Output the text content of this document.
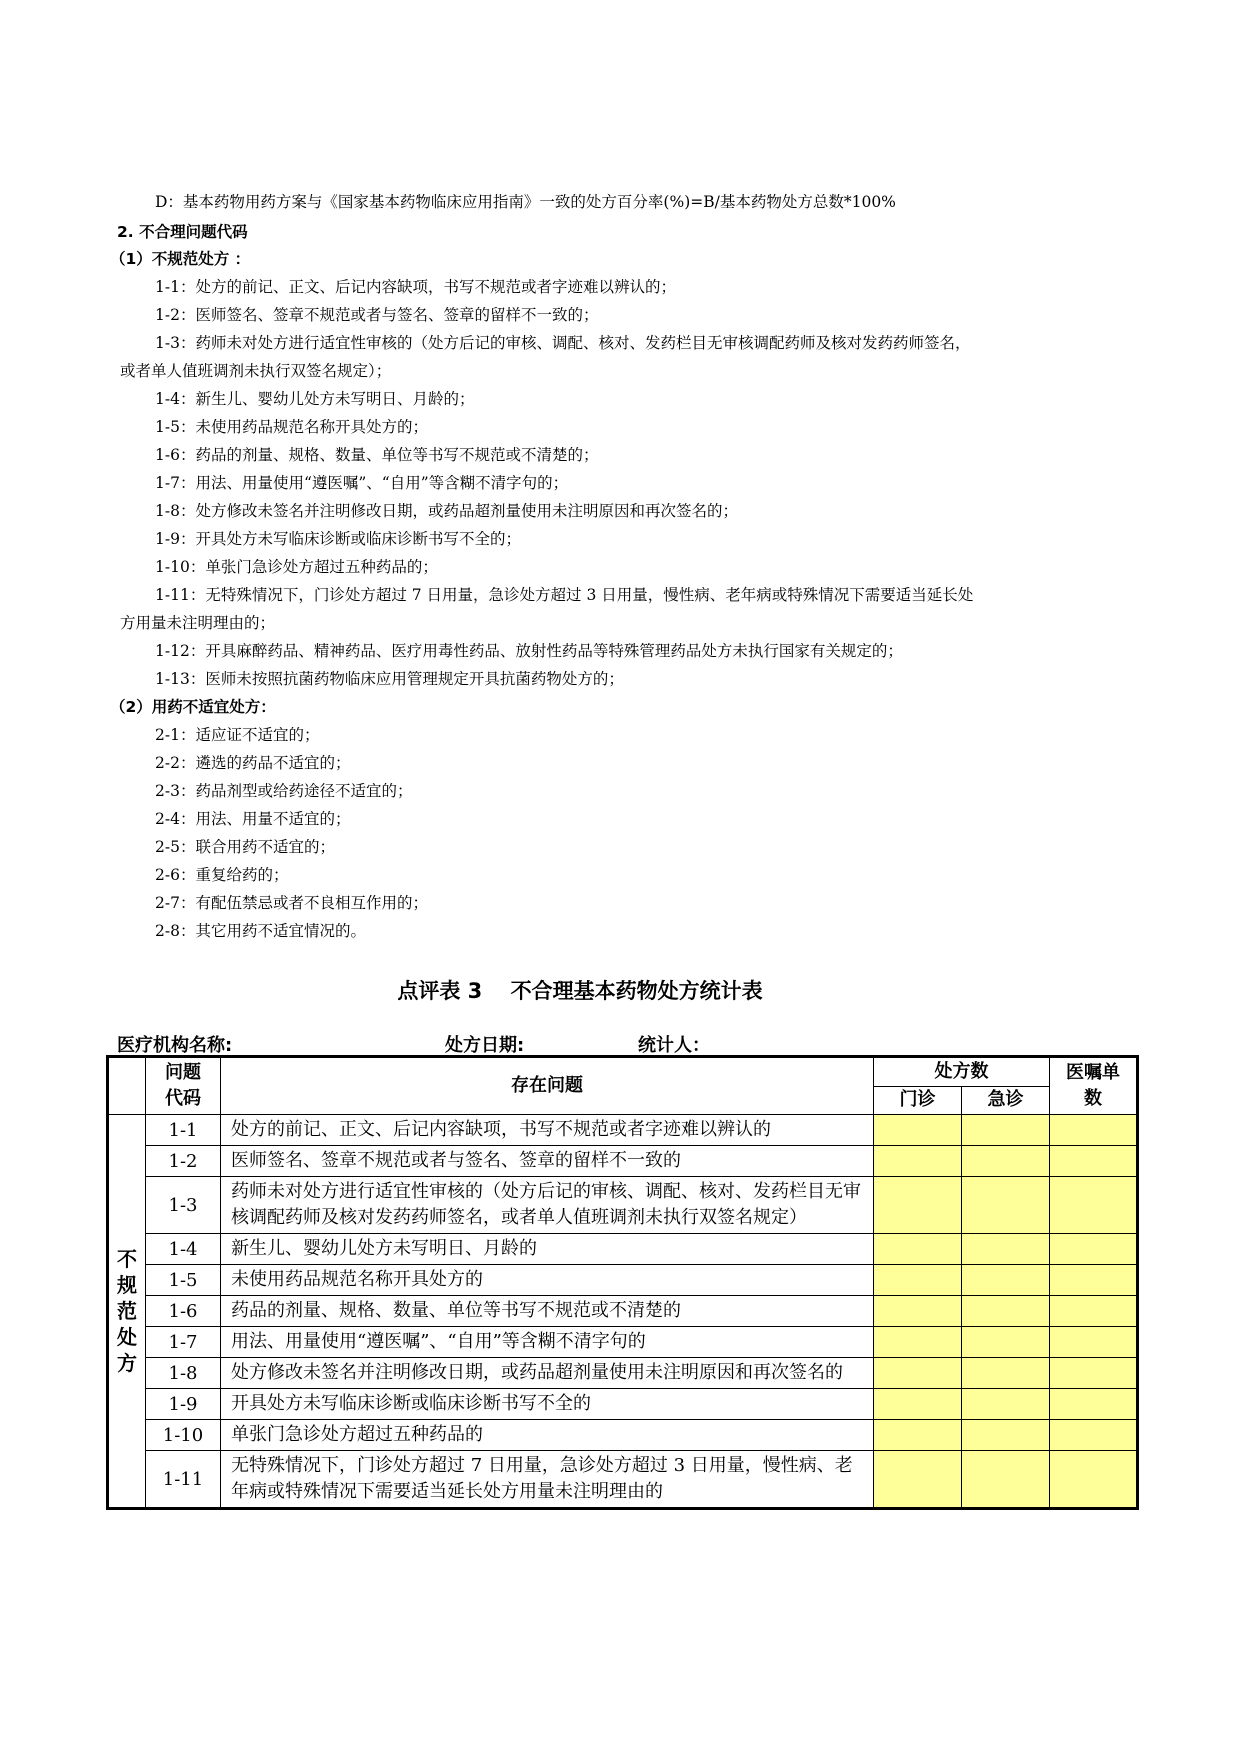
D：基本药物用药方案与《国家基本药物临床应用指南》一致的处方百分率(%)=B/基本药物处方总数*100%
2. 不合理问题代码
（1）不规范处方 ：
1-1：处方的前记、正文、后记内容缺项，书写不规范或者字迹难以辨认的；
1-2：医师签名、签章不规范或者与签名、签章的留样不一致的；
1-3：药师未对处方进行适宜性审核的（处方后记的审核、调配、核对、发药栏目无审核调配药师及核对发药药师签名，
或者单人值班调剂未执行双签名规定）；
1-4：新生儿、婴幼儿处方未写明日、月龄的；
1-5：未使用药品规范名称开具处方的；
1-6：药品的剂量、规格、数量、单位等书写不规范或不清楚的；
1-7：用法、用量使用“遵医嘱”、“自用”等含糊不清字句的；
1-8：处方修改未签名并注明修改日期，或药品超剂量使用未注明原因和再次签名的；
1-9：开具处方未写临床诊断或临床诊断书写不全的；
1-10：单张门急诊处方超过五种药品的；
1-11：无特殊情况下，门诊处方超过 7 日用量，急诊处方超过 3 日用量，慢性病、老年病或特殊情况下需要适当延长处
方用量未注明理由的；
1-12：开具麻醉药品、精神药品、医疗用毒性药品、放射性药品等特殊管理药品处方未执行国家有关规定的；
1-13：医师未按照抗菌药物临床应用管理规定开具抗菌药物处方的；
（2）用药不适宜处方：
2-1：适应证不适宜的；
2-2：遴选的药品不适宜的；
2-3：药品剂型或给药途径不适宜的；
2-4：用法、用量不适宜的；
2-5：联合用药不适宜的；
2-6：重复给药的；
2-7：有配伍禁忌或者不良相互作用的；
2-8：其它用药不适宜情况的。
点评表 3　 不合理基本药物处方统计表
医疗机构名称:	处方日期:	统计人：
	问题代码	存在问题	处方数		医嘱单数
			门诊	急诊	

不
规
范
处
方	1-1	处方的前记、正文、后记内容缺项，书写不规范或者字迹难以辨认的			
	1-2	医师签名、签章不规范或者与签名、签章的留样不一致的			
	1-3	药师未对处方进行适宜性审核的（处方后记的审核、调配、核对、发药栏目无审核调配药师及核对发药药师签名，或者单人值班调剂未执行双签名规定）			
	1-4	新生儿、婴幼儿处方未写明日、月龄的			
	1-5	未使用药品规范名称开具处方的			
	1-6	药品的剂量、规格、数量、单位等书写不规范或不清楚的			
	1-7	用法、用量使用“遵医嘱”、“自用”等含糊不清字句的			
	1-8	处方修改未签名并注明修改日期，或药品超剂量使用未注明原因和再次签名的			
	1-9	开具处方未写临床诊断或临床诊断书写不全的			
	1-10	单张门急诊处方超过五种药品的			
	1-11	无特殊情况下，门诊处方超过 7 日用量，急诊处方超过 3 日用量，慢性病、老年病或特殊情况下需要适当延长处方用量未注明理由的			
